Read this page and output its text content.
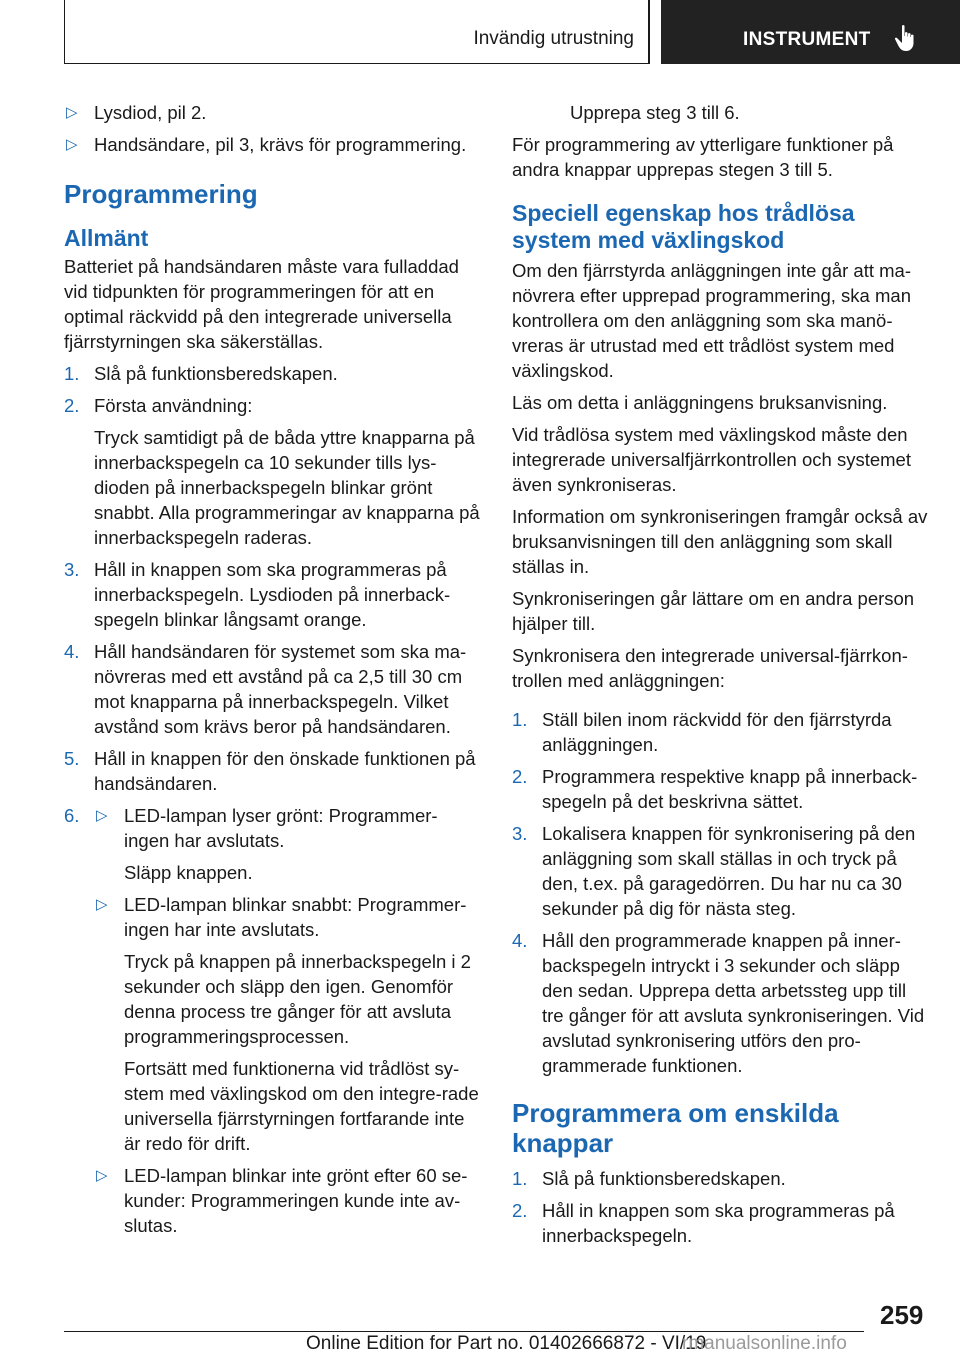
Invändig utrustning	INSTRUMENT
▷ Lysdiod, pil 2.
▷ Handsändare, pil 3, krävs för programmering.
Programmering
Allmänt

Batteriet på handsändaren måste vara fulladdad vid tidpunkten för programmeringen för att en optimal räckvidd på den integrerade universella fjärrstyrningen ska säkerställas.

1. Slå på funktionsberedskapen.

2. Första användning:

Tryck samtidigt på de båda yttre knapparna på innerbackspegeln ca 10 sekunder tills lys‐dioden på innerbackspegeln blinkar grönt snabbt. Alla programmeringar av knapparna på innerbackspegeln raderas.

3. Håll in knappen som ska programmeras på innerbackspegeln. Lysdioden på innerback‐spegeln blinkar långsamt orange.

4. Håll handsändaren för systemet som ska ma‐növreras med ett avstånd på ca 2,5 till 30 cm mot knapparna på innerbackspegeln. Vilket avstånd som krävs beror på handsändaren.

5. Håll in knappen för den önskade funktionen på handsändaren.

6. ▷ LED-lampan lyser grönt: Programmer‐ingen har avslutats.

Släpp knappen.

▷ LED-lampan blinkar snabbt: Programmer‐ingen har inte avslutats.

Tryck på knappen på innerbackspegeln i 2 sekunder och släpp den igen. Genomför denna process tre gånger för att avsluta programmeringsprocessen.

Fortsätt med funktionerna vid trådlöst sy‐stem med växlingskod om den integre‐rade universella fjärrstyrningen fortfarande inte är redo för drift.

▷ LED-lampan blinkar inte grönt efter 60 se‐kunder: Programmeringen kunde inte av‐slutas.

Upprepa steg 3 till 6.

För programmering av ytterligare funktioner på andra knappar upprepas stegen 3 till 5.

Speciell egenskap hos trådlösa system med växlingskod

Om den fjärrstyrda anläggningen inte går att ma‐növrera efter upprepad programmering, ska man kontrollera om den anläggning som ska manö‐vreras är utrustad med ett trådlöst system med växlingskod.

Läs om detta i anläggningens bruksanvisning.

Vid trådlösa system med växlingskod måste den integrerade universalfjärrkontrollen och systemet även synkroniseras.

Information om synkroniseringen framgår också av bruksanvisningen till den anläggning som skall ställas in.

Synkroniseringen går lättare om en andra person hjälper till.

Synkronisera den integrerade universal-fjärrkon‐trollen med anläggningen:

1. Ställ bilen inom räckvidd för den fjärrstyrda anläggningen.

2. Programmera respektive knapp på innerback‐spegeln på det beskrivna sättet.

3. Lokalisera knappen för synkronisering på den anläggning som skall ställas in och tryck på den, t.ex. på garagedörren. Du har nu ca 30 sekunder på dig för nästa steg.

4. Håll den programmerade knappen på inner‐backspegeln intryckt i 3 sekunder och släpp den sedan. Upprepa detta arbetssteg upp till tre gånger för att avsluta synkroniseringen. Vid avslutad synkronisering utförs den pro‐grammerade funktionen.

Programmera om enskilda knappar
1. Slå på funktionsberedskapen.

2. Håll in knappen som ska programmeras på innerbackspegeln.

259
Online Edition for Part no. 01402666872 - VI/19
rmanualsonline.info
